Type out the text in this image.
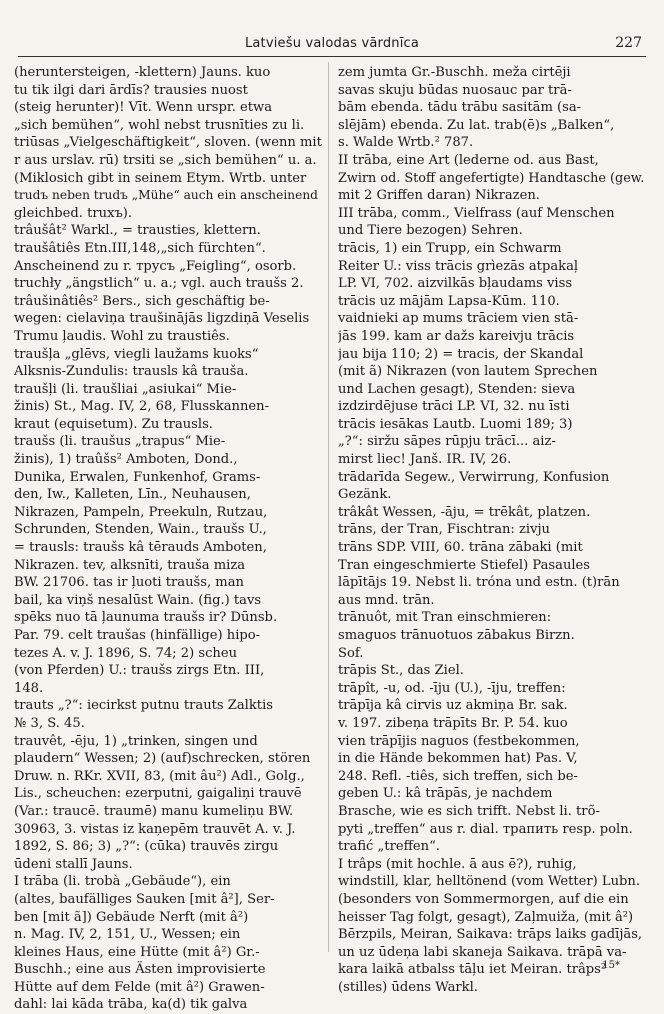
Latviešu valodas vārdnīca	227
(heruntersteigen, -klettern) Jauns. kuo
tu tik ilgi dari ārdīs? trausies nuost
(steig herunter)! Vīt. Wenn urspr. etwa
„sich bemühen“, wohl nebst trusnīties zu li.
triūsas „Vielgeschäftigkeit“, sloven. (wenn mit
r aus urslav. rū) trsiti se „sich bemühen“ u. a.
(Miklosich gibt in seinem Etym. Wrtb. unter
trudъ neben trudъ „Mühe“ auch ein anscheinend
gleichbed. truxъ).
trâušât² Warkl., = trausties, klettern.
traušâtiês Etn.III,148,„sich fürchten“.
Anscheinend zu r. труcъ „Feigling“, osorb.
truchły „ängstlich“ u. a.; vgl. auch traušs 2.
trâušinâtiês² Bers., sich geschäftig be-
wegen: cielaviņa traušinājās ligzdiņā Veselis
Trumu ļaudis. Wohl zu traustiês.
traušļa „glēvs, viegli laužams kuoks“
Alksnis-Zundulis: trausls kâ trauša.
traušļi (li. traušliai „asiukai“ Mie-
žinis) St., Mag. IV, 2, 68, Flusskannen-
kraut (equisetum). Zu trausls.
traušs (li. traušus „trapus“ Mie-
žinis), 1) traûšs² Amboten, Dond.,
Dunika, Erwalen, Funkenhof, Grams-
den, Iw., Kalleten, Līn., Neuhausen,
Nikrazen, Pampeln, Preekuln, Rutzau,
Schrunden, Stenden, Wain., traušs U.,
= trausls: traušs kâ tērauds Amboten,
Nikrazen. tev, alksnīti, trauša miza
BW. 21706. tas ir ļuoti traušs, man
bail, ka viņš nesalūst Wain. (fig.) tavs
spēks nuo tā ļaunuma traušs ir? Dūnsb.
Par. 79. celt traušas (hinfällige) hipo-
tezes A. v. J. 1896, S. 74; 2) scheu
(von Pferden) U.: traušs zirgs Etn. III,
148.
trauts „?“: iecirkst putnu trauts Zalktis
№ 3, S. 45.
trauvêt, -ēju, 1) „trinken, singen und
plaudern“ Wessen; 2) (auf)schrecken, stören
Druw. n. RKr. XVII, 83, (mit âu²) Adl., Golg.,
Lis., scheuchen: ezerputni, gaigaliņi trauvē
(Var.: traucē. traumē) manu kumeliņu BW.
30963, 3. vistas iz kaņepēm trauvēt A. v. J.
1892, S. 86; 3) „?“: (cūka) trauvēs zirgu
ūdeni stallī Jauns.
I trāba (li. trobà „Gebäude“), ein
(altes, baufälliges Sauken [mit â²], Ser-
ben [mit ã]) Gebäude Nerft (mit â²)
n. Mag. IV, 2, 151, U., Wessen; ein
kleines Haus, eine Hütte (mit â²) Gr.-
Buschh.; eine aus Ästen improvisierte
Hütte auf dem Felde (mit â²) Grawen-
dahl: lai kāda trāba, ka(d) tik galva
zem jumta Gr.-Buschh. meža cirtēji
savas skuju būdas nuosauc par trā-
bām ebenda. tādu trābu sasitām (sa-
slējām) ebenda. Zu lat. trab(ē)s „Balken“,
s. Walde Wrtb.² 787.
II trāba, eine Art (lederne od. aus Bast,
Zwirn od. Stoff angefertigte) Handtasche (gew.
mit 2 Griffen daran) Nikrazen.
III trāba, comm., Vielfrass (auf Menschen
und Tiere bezogen) Sehren.
trācis, 1) ein Trupp, ein Schwarm
Reiter U.: viss trācis grìezās atpakaļ
LP. VI, 702. aizvilkās bļaudams viss
trācis uz mājām Lapsa-Kūm. 110.
vaidnieki ap mums trāciem vien stā-
jās 199. kam ar dažs kareivju trācis
jau bija 110; 2) = tracis, der Skandal
(mit ã) Nikrazen (von lautem Sprechen
und Lachen gesagt), Stenden: sieva
izdzirdējuse trāci LP. VI, 32. nu īsti
trācis iesākas Lautb. Luomi 189; 3)
„?“: siržu sāpes rūpju trācī... aiz-
mirst liec! Janš. IR. IV, 26.
trādarīda Segew., Verwirrung, Konfusion
Gezänk.
trâkât Wessen, -āju, = trēkât, platzen.
trāns, der Tran, Fischtran: zivju
trāns SDP. VIII, 60. trāna zābaki (mit
Tran eingeschmierte Stiefel) Pasaules
lāpītājs 19. Nebst li. tróna und estn. (t)rān
aus mnd. trān.
trānuôt, mit Tran einschmieren:
smaguos trānuotuos zābakus Birzn.
Sof.
trāpis St., das Ziel.
trāpît, -u, od. -īju (U.), -īju, treffen:
trāpīja kâ cirvis uz akmiņa Br. sak.
v. 197. zibeņa trāpīts Br. P. 54. kuo
vien trāpījis naguos (festbekommen,
in die Hände bekommen hat) Pas. V,
248. Refl. -tiês, sich treffen, sich be-
geben U.: kâ trāpās, je nachdem
Brasche, wie es sich trifft. Nebst li. trõ-
pyti „treffen“ aus r. dial. трапить resp. poln.
trafić „treffen“.
I trâps (mit hochle. ā aus ē?), ruhig,
windstill, klar, helltönend (vom Wetter) Lubn.
(besonders von Sommermorgen, auf die ein
heisser Tag folgt, gesagt), Zaļmuiža, (mit â²)
Bērzpils, Meiran, Saikava: trāps laiks gadījās,
un uz ūdeņa labi skaneja Saikava. trāpā va-
kara laikā atbalss tāļu iet Meiran. trâps²
(stilles) ūdens Warkl.
15*
